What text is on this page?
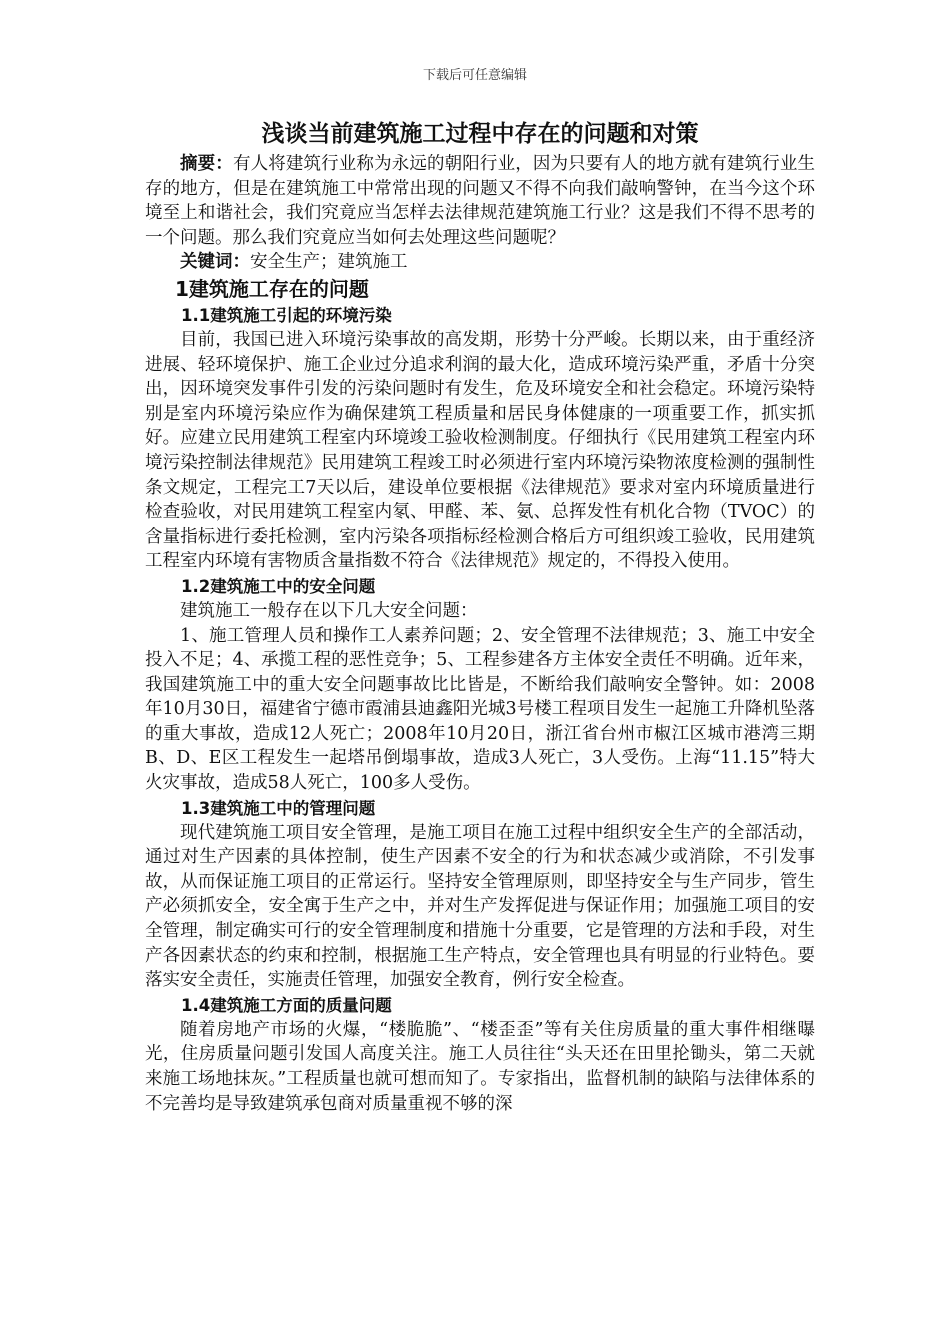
下载后可任意编辑
浅谈当前建筑施工过程中存在的问题和对策

摘要：有人将建筑行业称为永远的朝阳行业，因为只要有人的地方就有建筑行业生存的地方，但是在建筑施工中常常出现的问题又不得不向我们敲响警钟，在当今这个环境至上和谐社会，我们究竟应当怎样去法律规范建筑施工行业？这是我们不得不思考的一个问题。那么我们究竟应当如何去处理这些问题呢？

关键词：安全生产；建筑施工

1建筑施工存在的问题
1.1建筑施工引起的环境污染

目前，我国已进入环境污染事故的高发期，形势十分严峻。长期以来，由于重经济进展、轻环境保护、施工企业过分追求利润的最大化，造成环境污染严重，矛盾十分突出，因环境突发事件引发的污染问题时有发生，危及环境安全和社会稳定。环境污染特别是室内环境污染应作为确保建筑工程质量和居民身体健康的一项重要工作，抓实抓好。应建立民用建筑工程室内环境竣工验收检测制度。仔细执行《民用建筑工程室内环境污染控制法律规范》民用建筑工程竣工时必须进行室内环境污染物浓度检测的强制性条文规定，工程完工7天以后，建设单位要根据《法律规范》要求对室内环境质量进行检查验收，对民用建筑工程室内氡、甲醛、苯、氨、总挥发性有机化合物（TVOC）的含量指标进行委托检测，室内污染各项指标经检测合格后方可组织竣工验收，民用建筑工程室内环境有害物质含量指数不符合《法律规范》规定的，不得投入使用。

1.2建筑施工中的安全问题

建筑施工一般存在以下几大安全问题：

1、施工管理人员和操作工人素养问题；2、安全管理不法律规范；3、施工中安全投入不足；4、承揽工程的恶性竞争；5、工程参建各方主体安全责任不明确。近年来，我国建筑施工中的重大安全问题事故比比皆是，不断给我们敲响安全警钟。如：2008年10月30日，福建省宁德市霞浦县迪鑫阳光城3号楼工程项目发生一起施工升降机坠落的重大事故，造成12人死亡；2008年10月20日，浙江省台州市椒江区城市港湾三期B、D、E区工程发生一起塔吊倒塌事故，造成3人死亡，3人受伤。上海“11.15”特大火灾事故，造成58人死亡，100多人受伤。

1.3建筑施工中的管理问题

现代建筑施工项目安全管理，是施工项目在施工过程中组织安全生产的全部活动，通过对生产因素的具体控制，使生产因素不安全的行为和状态减少或消除，不引发事故，从而保证施工项目的正常运行。坚持安全管理原则，即坚持安全与生产同步，管生产必须抓安全，安全寓于生产之中，并对生产发挥促进与保证作用；加强施工项目的安全管理，制定确实可行的安全管理制度和措施十分重要，它是管理的方法和手段，对生产各因素状态的约束和控制，根据施工生产特点，安全管理也具有明显的行业特色。要落实安全责任，实施责任管理，加强安全教育，例行安全检查。

1.4建筑施工方面的质量问题

随着房地产市场的火爆，“楼脆脆”、“楼歪歪”等有关住房质量的重大事件相继曝光，住房质量问题引发国人高度关注。施工人员往往“头天还在田里抡锄头，第二天就来施工场地抹灰。”工程质量也就可想而知了。专家指出，监督机制的缺陷与法律体系的不完善均是导致建筑承包商对质量重视不够的深
